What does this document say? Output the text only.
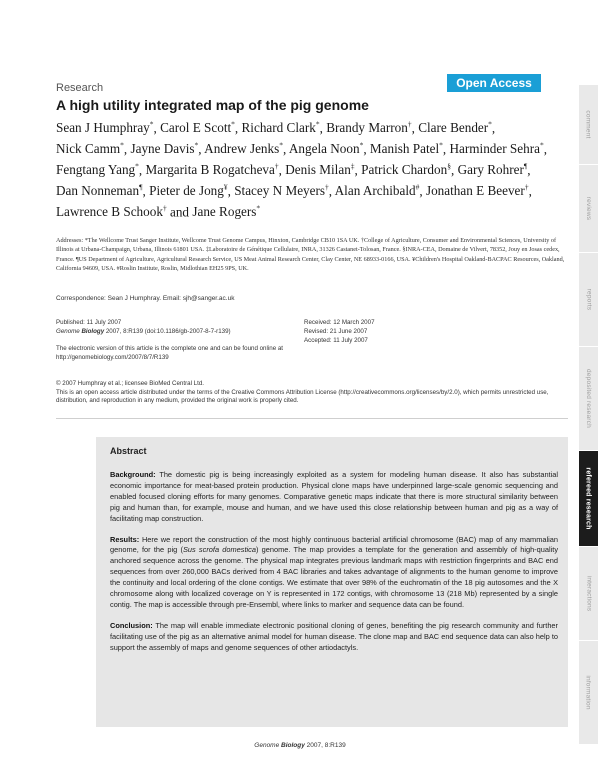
comment
reviews
reports
deposited research
refereed research
interactions
information
Research	Open Access
A high utility integrated map of the pig genome
Sean J Humphray*, Carol E Scott*, Richard Clark*, Brandy Marron†, Clare Bender*, Nick Camm*, Jayne Davis*, Andrew Jenks*, Angela Noon*, Manish Patel*, Harminder Sehra*, Fengtang Yang*, Margarita B Rogatcheva†, Denis Milan‡, Patrick Chardon§, Gary Rohrer¶, Dan Nonneman¶, Pieter de Jong¥, Stacey N Meyers†, Alan Archibald#, Jonathan E Beever†, Lawrence B Schook† and Jane Rogers*
Addresses: *The Wellcome Trust Sanger Institute, Wellcome Trust Genome Campus, Hinxton, Cambridge CB10 1SA UK. †College of Agriculture, Consumer and Environmental Sciences, University of Illinois at Urbana-Champaign, Urbana, Illinois 61801 USA. ‡Laboratoire de Génétique Cellulaire, INRA, 31326 Castanet-Tolosan, France. §INRA-CEA, Domaine de Vilvert, 78352, Jouy en Josas cedex, France. ¶US Department of Agriculture, Agricultural Research Service, US Meat Animal Research Center, Clay Center, NE 68933-0166, USA. ¥Children's Hospital Oakland-BACPAC Resources, Oakland, California 94609, USA. #Roslin Institute, Roslin, Midlothian EH25 9PS, UK.
Correspondence: Sean J Humphray. Email: sjh@sanger.ac.uk
Published: 11 July 2007
Genome Biology 2007, 8:R139 (doi:10.1186/gb-2007-8-7-r139)
The electronic version of this article is the complete one and can be found online at http://genomebiology.com/2007/8/7/R139
Received: 12 March 2007
Revised: 21 June 2007
Accepted: 11 July 2007
© 2007 Humphray et al.; licensee BioMed Central Ltd.
This is an open access article distributed under the terms of the Creative Commons Attribution License (http://creativecommons.org/licenses/by/2.0), which permits unrestricted use, distribution, and reproduction in any medium, provided the original work is properly cited.
Abstract

Background: The domestic pig is being increasingly exploited as a system for modeling human disease. It also has substantial economic importance for meat-based protein production. Physical clone maps have underpinned large-scale genomic sequencing and enabled focused cloning efforts for many genomes. Comparative genetic maps indicate that there is more structural similarity between pig and human than, for example, mouse and human, and we have used this close relationship between human and pig as a way of facilitating map construction.

Results: Here we report the construction of the most highly continuous bacterial artificial chromosome (BAC) map of any mammalian genome, for the pig (Sus scrofa domestica) genome. The map provides a template for the generation and assembly of high-quality anchored sequence across the genome. The physical map integrates previous landmark maps with restriction fingerprints and BAC end sequences from over 260,000 BACs derived from 4 BAC libraries and takes advantage of alignments to the human genome to improve the continuity and local ordering of the clone contigs. We estimate that over 98% of the euchromatin of the 18 pig autosomes and the X chromosome along with localized coverage on Y is represented in 172 contigs, with chromosome 13 (218 Mb) represented by a single contig. The map is accessible through pre-Ensembl, where links to marker and sequence data can be found.

Conclusion: The map will enable immediate electronic positional cloning of genes, benefiting the pig research community and further facilitating use of the pig as an alternative animal model for human disease. The clone map and BAC end sequence data can also help to support the assembly of maps and genome sequences of other artiodactyls.

Genome Biology 2007, 8:R139
